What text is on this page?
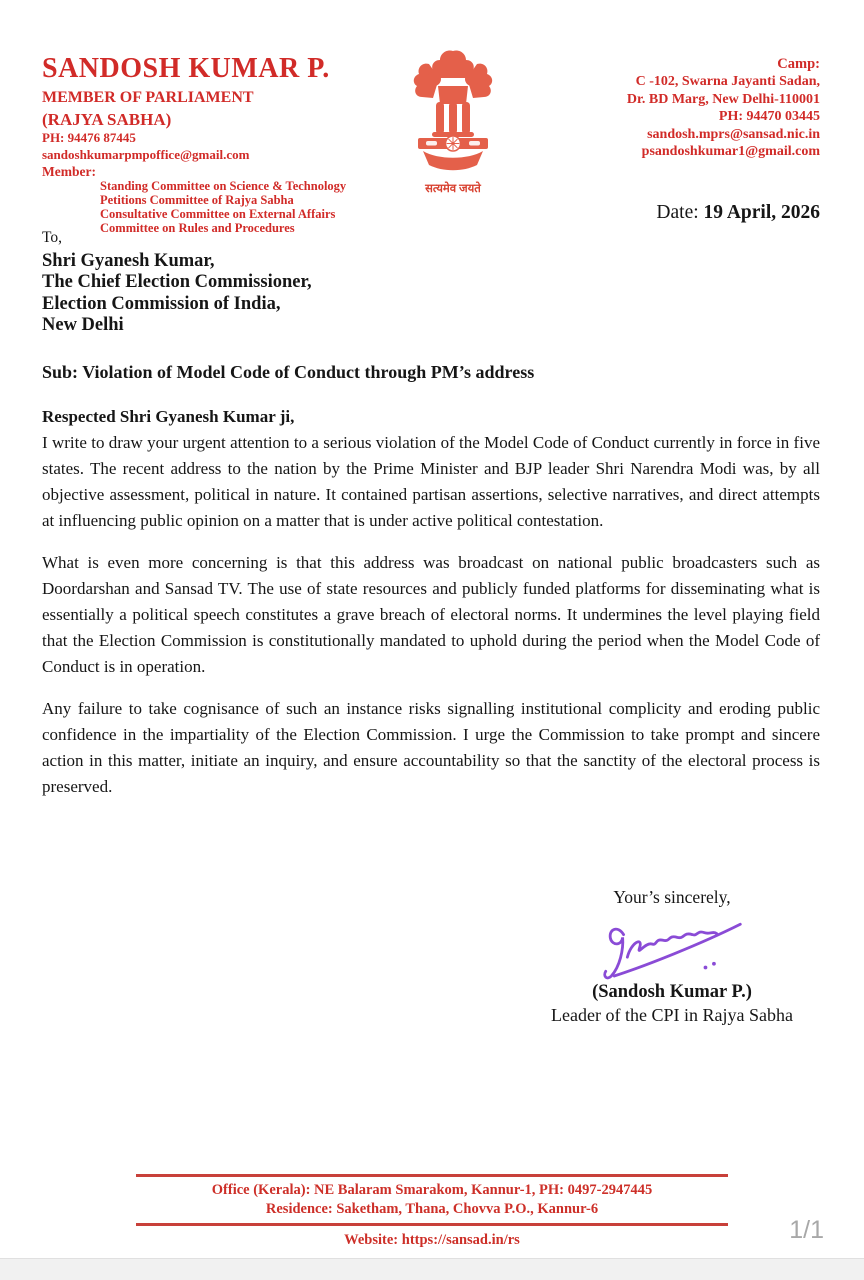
SANDOSH KUMAR P.
MEMBER OF PARLIAMENT
(RAJYA SABHA)
PH: 94476 87445
sandoshkumarpmpoffice@gmail.com
Member:
Standing Committee on Science & Technology
Petitions Committee of Rajya Sabha
Consultative Committee on External Affairs
Committee on Rules and Procedures
सत्यमेव जयते
Camp:
C -102, Swarna Jayanti Sadan,
Dr. BD Marg, New Delhi-110001
PH: 94470 03445
sandosh.mprs@sansad.nic.in
psandoshkumar1@gmail.com
Date: 19 April, 2026
To,
Shri Gyanesh Kumar,
The Chief Election Commissioner,
Election Commission of India,
New Delhi
Sub: Violation of Model Code of Conduct through PM’s address
Respected Shri Gyanesh Kumar ji,

I write to draw your urgent attention to a serious violation of the Model Code of Conduct currently in force in five states. The recent address to the nation by the Prime Minister and BJP leader Shri Narendra Modi was, by all objective assessment, political in nature. It contained partisan assertions, selective narratives, and direct attempts at influencing public opinion on a matter that is under active political contestation.

What is even more concerning is that this address was broadcast on national public broadcasters such as Doordarshan and Sansad TV. The use of state resources and publicly funded platforms for disseminating what is essentially a political speech constitutes a grave breach of electoral norms. It undermines the level playing field that the Election Commission is constitutionally mandated to uphold during the period when the Model Code of Conduct is in operation.

Any failure to take cognisance of such an instance risks signalling institutional complicity and eroding public confidence in the impartiality of the Election Commission. I urge the Commission to take prompt and sincere action in this matter, initiate an inquiry, and ensure accountability so that the sanctity of the electoral process is preserved.

Your’s sincerely,
(Sandosh Kumar P.)
Leader of the CPI in Rajya Sabha
Office (Kerala): NE Balaram Smarakom, Kannur-1, PH: 0497-2947445
Residence: Saketham, Thana, Chovva P.O., Kannur-6
Website: https://sansad.in/rs	1/1
